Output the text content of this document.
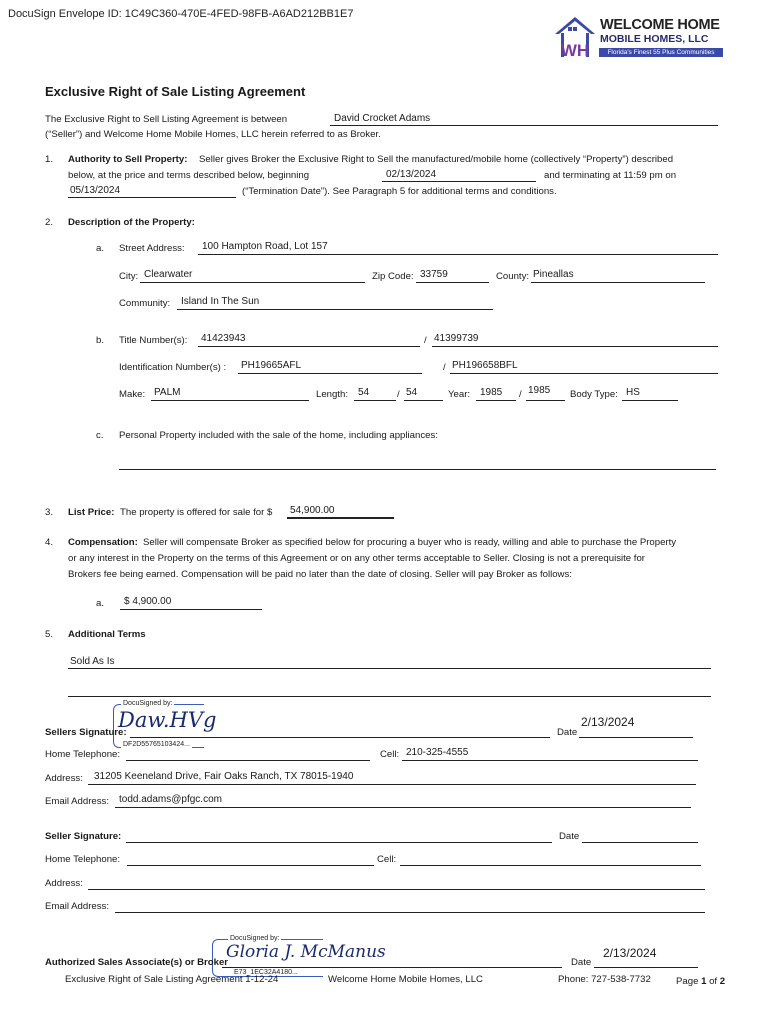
DocuSign Envelope ID: 1C49C360-470E-4FED-98FB-A6AD212BB1E7
WH
WELCOME HOME
MOBILE HOMES, LLC
Florida's Finest 55 Plus Communities
Exclusive Right of Sale Listing Agreement
The Exclusive Right to Sell Listing Agreement is between	David Crocket Adams
(“Seller”) and Welcome Home Mobile Homes, LLC herein referred to as Broker.
1. Authority to Sell Property: Seller gives Broker the Exclusive Right to Sell the manufactured/mobile home (collectively “Property”) described
below, at the price and terms described below, beginning	02/13/2024	and terminating at 11:59 pm on
05/13/2024	(“Termination Date”). See Paragraph 5 for additional terms and conditions.
2. Description of the Property:
a. Street Address: 100 Hampton Road, Lot 157
City: Clearwater	Zip Code: 33759	County: Pineallas
Community: Island In The Sun
b. Title Number(s): 41423943	/ 41399739
Identification Number(s) : PH19665AFL	/ PH196658BFL
Make: PALM	Length: 54	/ 54	Year: 1985 / 1985 Body Type: HS
c. Personal Property included with the sale of the home, including appliances:
3. List Price: The property is offered for sale for $ 54,900.00
4. Compensation: Seller will compensate Broker as specified below for procuring a buyer who is ready, willing and able to purchase the Property
or any interest in the Property on the terms of this Agreement or on any other terms acceptable to Seller. Closing is not a prerequisite for
Brokers fee being earned. Compensation will be paid no later than the date of closing. Seller will pay Broker as follows:
a. $ 4,900.00
5. Additional Terms
Sold As Is
DocuSigned by:
Daw.HVg
Sellers Signature:
DF2D55765103424...
Date
2/13/2024
Home Telephone:	Cell: 210-325-4555
Address: 31205 Keeneland Drive, Fair Oaks Ranch, TX 78015-1940
Email Address: todd.adams@pfgc.com
Seller Signature:	Date
Home Telephone:	Cell:
Address:
Email Address:
DocuSigned by:
Gloria J. McManus
Authorized Sales Associate(s) or Broker
E73_1EC32A4180...
Date
2/13/2024
Exclusive Right of Sale Listing Agreement 1-12-24	Welcome Home Mobile Homes, LLC	Phone: 727-538-7732	Page 1 of 2
